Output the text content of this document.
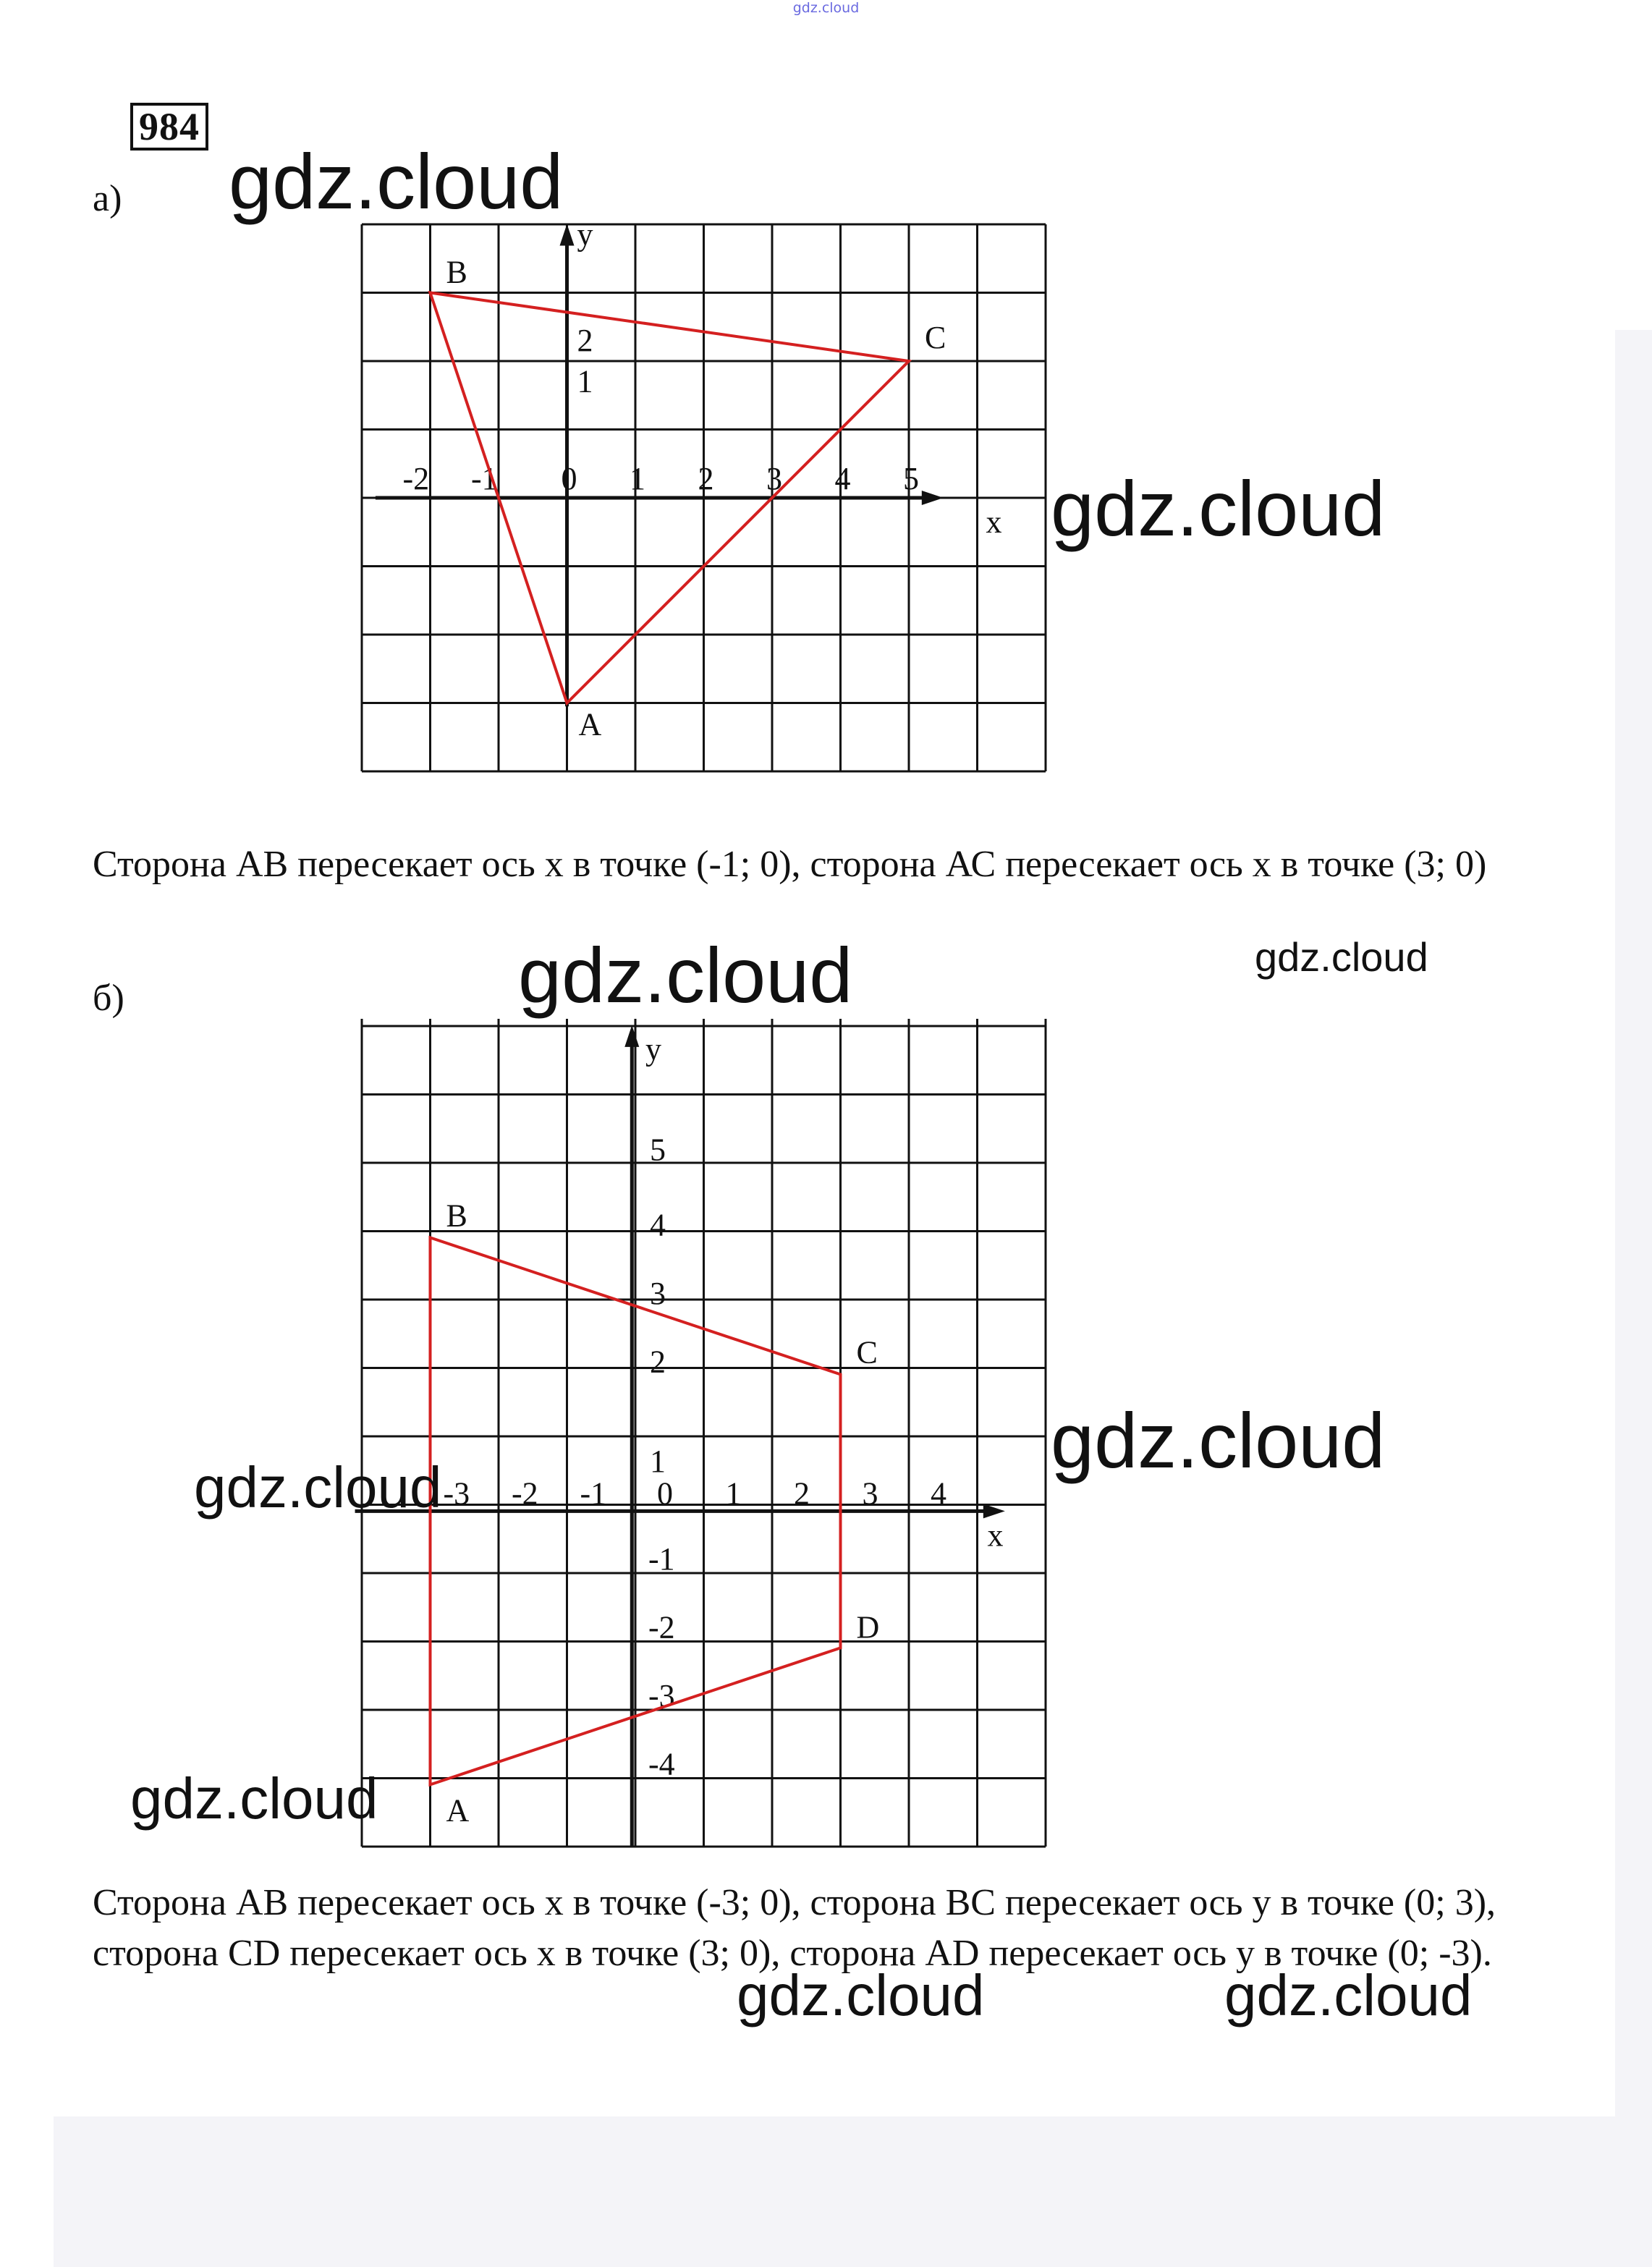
gdz.cloud
984
а)
x
y
-2 -1 0 1 2 3 4 5
2
1
B
C
A

Сторона АВ пересекает ось х в точке (-1; 0), сторона АС пересекает ось х в точке (3; 0)

б)
x
y
-3 -2 -1 0 1 2 3 4
5
4
3
2
1
-1
-2
-3
-4
B
C
D
A

Сторона АВ пересекает ось х в точке (-3; 0), сторона ВС пересекает ось у в точке (0; 3), сторона CD пересекает ось х в точке (3; 0), сторона AD пересекает ось у в точке (0; -3).

gdz.cloud
gdz.cloud
gdz.cloud	gdz.cloud
gdz.cloud
gdz.cloud
gdz.cloud
gdz.cloud	gdz.cloud
